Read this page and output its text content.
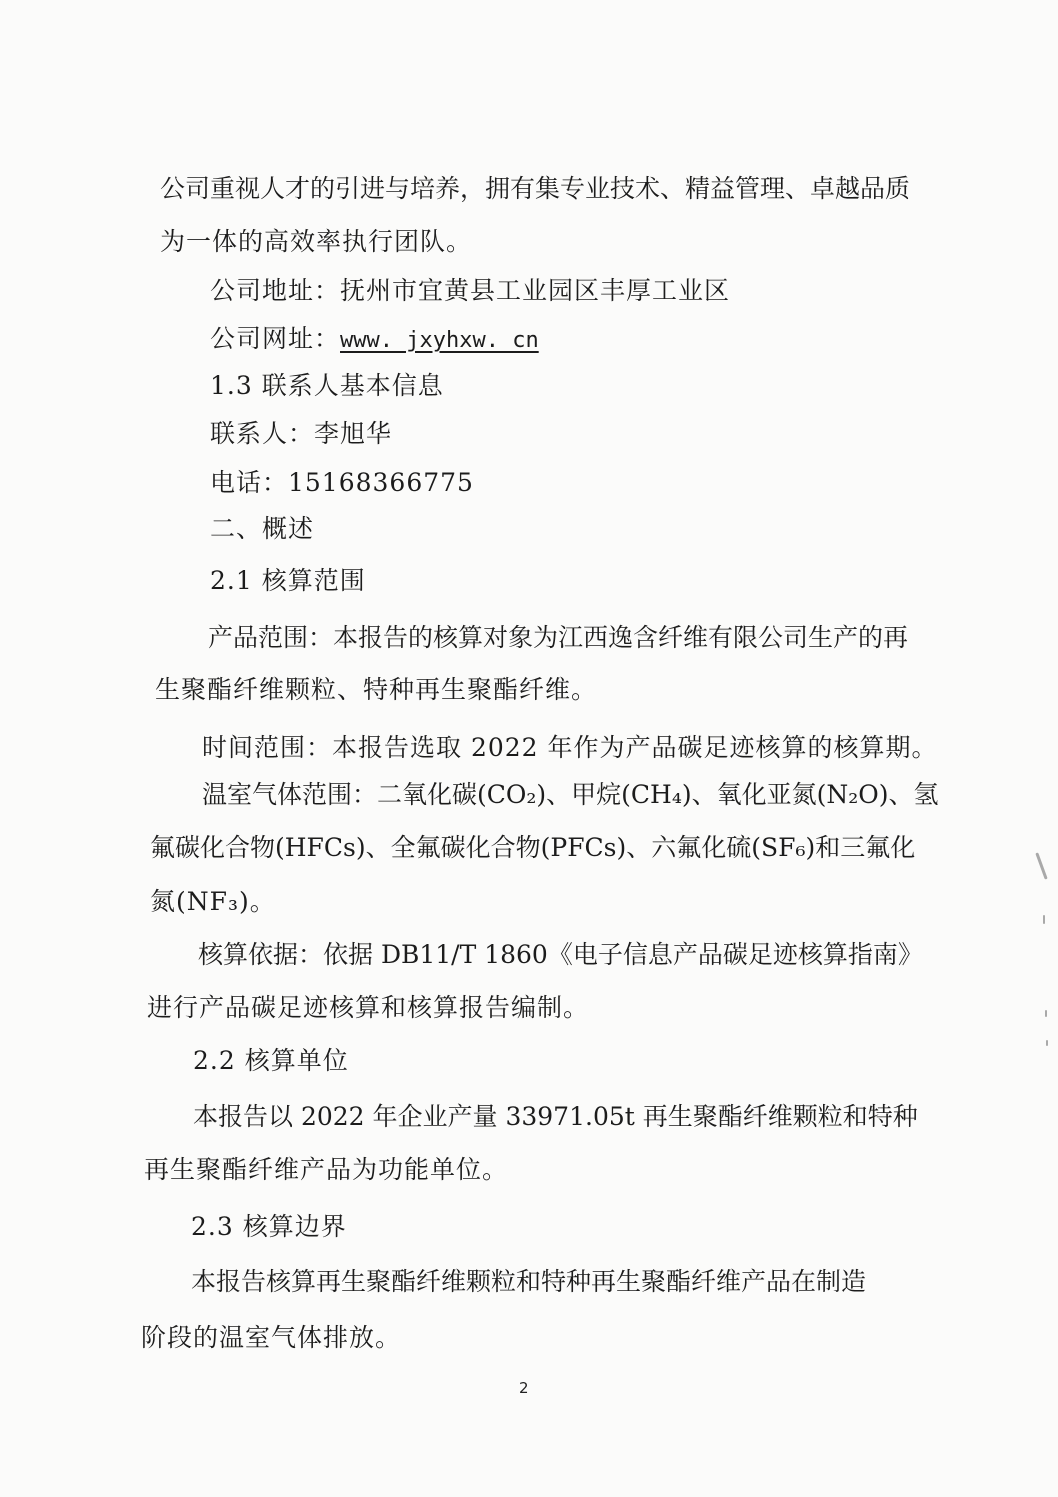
公司重视人才的引进与培养，拥有集专业技术、精益管理、卓越品质
为一体的高效率执行团队。
公司地址：抚州市宜黄县工业园区丰厚工业区
公司网址：www. jxyhxw. cn
1.3 联系人基本信息
联系人：李旭华
电话：15168366775
二、概述
2.1 核算范围
产品范围：本报告的核算对象为江西逸含纤维有限公司生产的再
生聚酯纤维颗粒、特种再生聚酯纤维。
时间范围：本报告选取 2022 年作为产品碳足迹核算的核算期。
温室气体范围：二氧化碳(CO₂)、甲烷(CH₄)、氧化亚氮(N₂O)、氢
氟碳化合物(HFCs)、全氟碳化合物(PFCs)、六氟化硫(SF₆)和三氟化
氮(NF₃)。
核算依据：依据 DB11/T 1860《电子信息产品碳足迹核算指南》
进行产品碳足迹核算和核算报告编制。
2.2 核算单位
本报告以 2022 年企业产量 33971.05t 再生聚酯纤维颗粒和特种
再生聚酯纤维产品为功能单位。
2.3 核算边界
本报告核算再生聚酯纤维颗粒和特种再生聚酯纤维产品在制造
阶段的温室气体排放。
2
